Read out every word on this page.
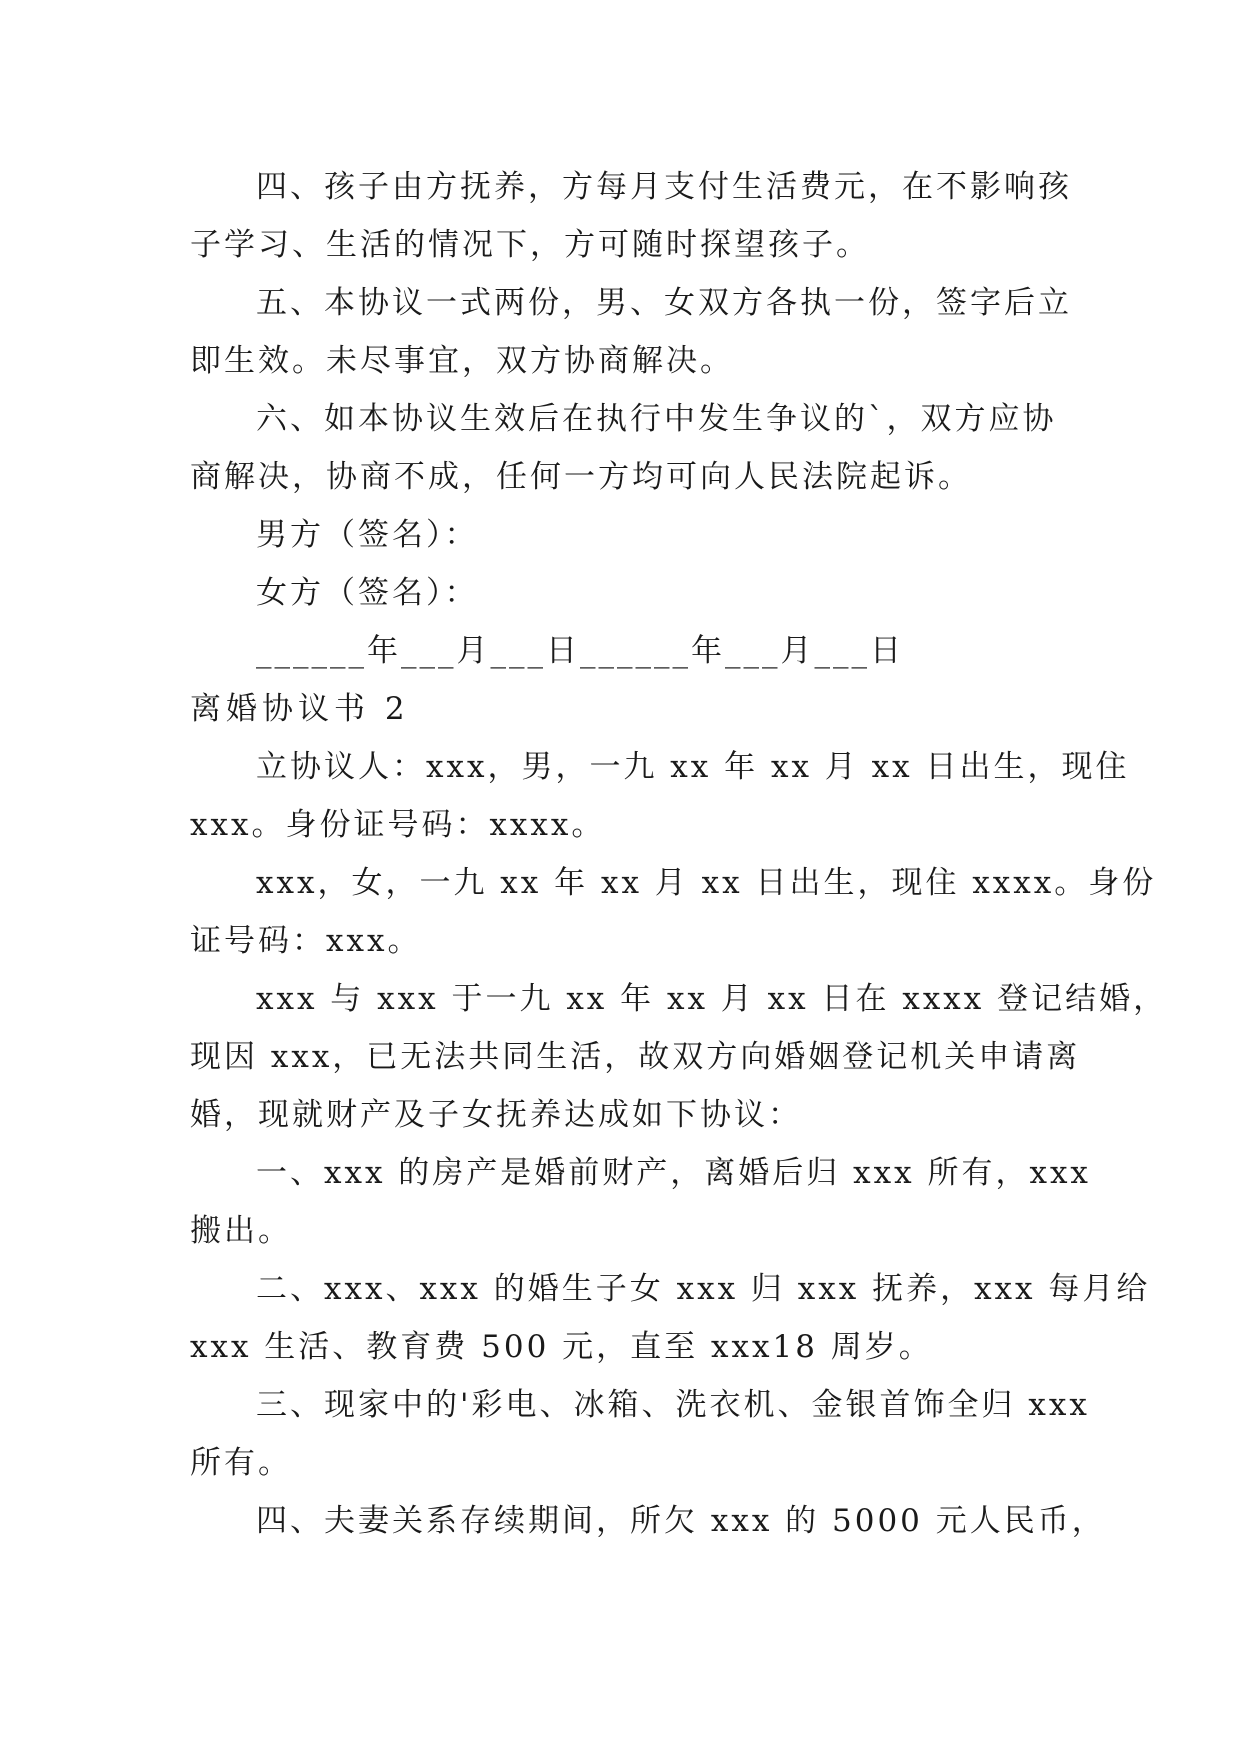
四、孩子由方抚养，方每月支付生活费元，在不影响孩
子学习、生活的情况下，方可随时探望孩子。
五、本协议一式两份，男、女双方各执一份，签字后立
即生效。未尽事宜，双方协商解决。
六、如本协议生效后在执行中发生争议的`，双方应协
商解决，协商不成，任何一方均可向人民法院起诉。
男方（签名）：
女方（签名）：
______年___月___日______年___月___日
离婚协议书 2
立协议人：xxx，男，一九 xx 年 xx 月 xx 日出生，现住
xxx。身份证号码：xxxx。
xxx，女，一九 xx 年 xx 月 xx 日出生，现住 xxxx。身份
证号码：xxx。
xxx 与 xxx 于一九 xx 年 xx 月 xx 日在 xxxx 登记结婚，
现因 xxx，已无法共同生活，故双方向婚姻登记机关申请离
婚，现就财产及子女抚养达成如下协议：
一、xxx 的房产是婚前财产，离婚后归 xxx 所有，xxx
搬出。
二、xxx、xxx 的婚生子女 xxx 归 xxx 抚养，xxx 每月给
xxx 生活、教育费 500 元，直至 xxx18 周岁。
三、现家中的'彩电、冰箱、洗衣机、金银首饰全归 xxx
所有。
四、夫妻关系存续期间，所欠 xxx 的 5000 元人民币，
